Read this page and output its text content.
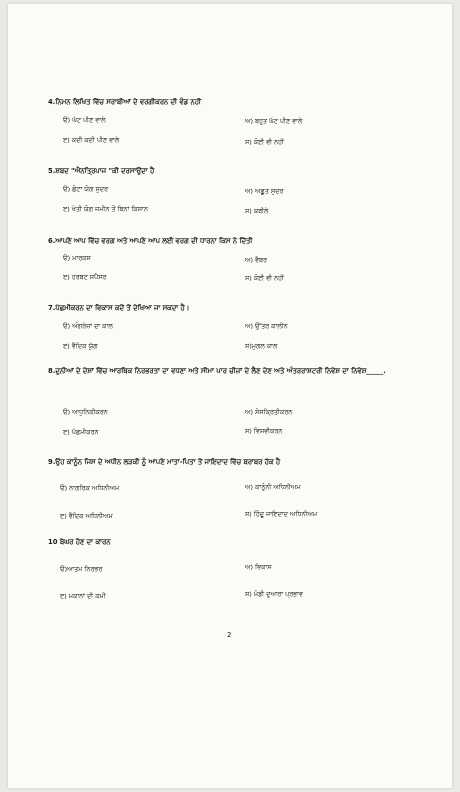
4.ਨਿਮਨ ਲਿਖਿਤ ਵਿੱਚ ਸਰਾਬੀਆਂ ਦੇ ਵਰਗੀਕਰਨ ਦੀ ਵੰਡ ਨਹੀਂ
ੳ) ਘੱਟ ਪੀਣ ਵਾਲੇ	ਅ) ਬਹੁਤ ਘੱਟ ਪੀਣ ਵਾਲੇ
ੲ) ਕਦੀ ਕਦੀ ਪੀਣ ਵਾਲੇ	ਸ) ਕੋਈ ਵੀ ਨਹੀਂ
5.ਸ਼ਬਦ "ਐਨਤ੍ਰਿਪਾਜ "ਕੀ ਦਰਸਾਉਂਦਾ ਹੈ
ੳ) ਛੋਟਾ ਯੋਗ ਸੁਦਰ	ਅ) ਅਛੂਤ ਸੁਦਰ
ੲ) ਖੇਤੀ ਯੋਗ ਜਮੀਨ ਤੋਂ ਬਿਨਾਂ ਕਿਸਾਨ	ਸ) ਕਬੀਲੇ
6.ਆਪਣੇ ਆਪ ਵਿੱਚ ਵਰਗ ਅਤੇ ਆਪਣੇ ਆਪ ਲਈ ਵਰਗ ਦੀ ਧਾਰਨਾ ਕਿਸ ਨੇ ਦਿੱਤੀ
ੳ) ਮਾਰਕਸ	ਅ) ਵੈਬਰ
ੲ) ਹਰਬਟ ਸਪੈਂਸਰ	ਸ) ਕੋਈ ਵੀ ਨਹੀਂ
7.ਪੱਛਮੀਕਰਨ ਦਾ ਵਿਕਾਸ ਕਦੋਂ ਤੋਂ ਦੇਖਿਆ ਜਾ ਸਕਦਾ ਹੈ।
ੳ) ਅੰਗਰੇਜ਼ਾਂ ਦਾ ਕਾਲ	ਅ) ਉੱਤਰ ਕਾਲੀਨ
ੲ) ਵੈਦਿਕ ਯੁੱਗ	ਸ)ਮੁਗਲ ਕਾਲ
8.ਦੁਨੀਆਂ ਦੇ ਦੇਸ਼ਾਂ ਵਿੱਚ ਆਰਥਿਕ ਨਿਰਭਰਤਾ ਦਾ ਵਧਣਾ ਅਤੇ ਸੀਮਾ ਪਾਰ ਚੀਜ਼ਾਂ ਦੇ ਲੈਣ ਦੇਣ ਅਤੇ ਅੰਤਰਰਾਸ਼ਟਰੀ ਨਿਵੇਸ਼ ਦਾ ਨਿਵੇਸ਼_____.
ੳ) ਆਧੁਨਿਕੀਕਰਨ	ਅ) ਸੰਸਕ੍ਰਿਤੀਕਰਨ
ੲ) ਪੱਛਮੀਕਰਨ	ਸ) ਵਿਸ਼ਵੀਕਰਨ
9.ਉਹ ਕਾਨੂੰਨ ਜਿਸ ਦੇ ਅਧੀਨ ਲੜਕੀ ਨੂੰ ਆਪਣੇ ਮਾਤਾ-ਪਿਤਾ ਤੋਂ ਜਾਇਦਾਦ ਵਿੱਚ ਬਰਾਬਰ ਹੱਕ ਹੈ
ੳ) ਨਾਗਰਿਕ ਅਧਿਨੀਅਮ	ਅ) ਕਾਨੂੰਨੀ ਅਧਿਨੀਅਮ
ੲ) ਵੈਦਿਕ ਅਧਿਨੀਅਮ	ਸ) ਹਿੰਦੂ ਜਾਇਦਾਦ ਅਧਿਨੀਅਮ
10 ਬੇਘਰ ਹੋਣ ਦਾ ਕਾਰਨ
ੳ)ਆਤਮ ਨਿਰਭਰ	ਅ) ਵਿਕਾਸ
ੲ) ਮਕਾਨਾਂ ਦੀ ਕਮੀ	ਸ) ਮੰਡੀ ਦੁਆਰਾ ਪ੍ਰਭਾਵ
2
